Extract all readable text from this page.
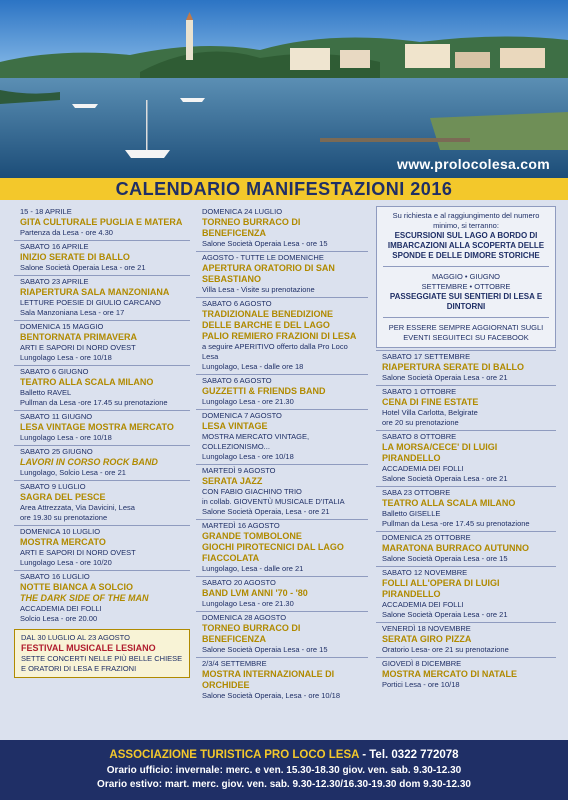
www.prolocolesa.com
CALENDARIO MANIFESTAZIONI 2016
15 - 18 APRILE
GITA CULTURALE PUGLIA E MATERA
Partenza da Lesa - ore 4.30
SABATO 16 APRILE
INIZIO SERATE DI BALLO
Salone Società Operaia Lesa - ore 21
SABATO 23 APRILE
RIAPERTURA SALA MANZONIANA
LETTURE POESIE DI GIULIO CARCANO
Sala Manzoniana Lesa - ore 17
DOMENICA 15 MAGGIO
BENTORNATA PRIMAVERA
ARTI E SAPORI DI NORD OVEST
Lungolago Lesa - ore 10/18
SABATO 6 GIUGNO
TEATRO ALLA SCALA MILANO
Balletto RAVEL
Pullman da Lesa -ore 17.45 su prenotazione
SABATO 11 GIUGNO
LESA VINTAGE MOSTRA MERCATO
Lungolago Lesa - ore 10/18
SABATO 25 GIUGNO
LAVORI IN CORSO ROCK BAND
Lungolago, Solcio Lesa - ore 21
SABATO 9 LUGLIO
SAGRA DEL PESCE
Area Attrezzata, Via Davicini, Lesa
ore 19.30 su prenotazione
DOMENICA 10 LUGLIO
MOSTRA MERCATO
ARTI E SAPORI DI NORD OVEST
Lungolago Lesa - ore 10/20
SABATO 16 LUGLIO
NOTTE BIANCA A SOLCIO
THE DARK SIDE OF THE MAN
ACCADEMIA DEI FOLLI
Solcio Lesa - ore 20.00
DAL 30 LUGLIO AL 23 AGOSTO
FESTIVAL MUSICALE LESIANO
SETTE CONCERTI NELLE PIÙ BELLE CHIESE
E ORATORI DI LESA E FRAZIONI
DOMENICA 24 LUGLIO
TORNEO BURRACO DI BENEFICENZA
Salone Società Operaia Lesa - ore 15
AGOSTO - TUTTE LE DOMENICHE
APERTURA ORATORIO DI SAN SEBASTIANO
Villa Lesa - Visite su prenotazione
SABATO 6 AGOSTO
TRADIZIONALE BENEDIZIONE DELLE BARCHE E DEL LAGO
PALIO REMIERO FRAZIONI DI LESA
a seguire APERITIVO offerto dalla Pro Loco Lesa
Lungolago, Lesa - dalle ore 18
SABATO 6 AGOSTO
GUZZETTI & FRIENDS BAND
Lungolago Lesa - ore 21.30
DOMENICA 7 AGOSTO
LESA VINTAGE
MOSTRA MERCATO VINTAGE, COLLEZIONISMO...
Lungolago Lesa - ore 10/18
MARTEDÌ 9 AGOSTO
SERATA JAZZ
CON FABIO GIACHINO TRIO
in collab. GIOVENTÙ MUSICALE D'ITALIA
Salone Società Operaia, Lesa - ore 21
MARTEDÌ 16 AGOSTO
GRANDE TOMBOLONE
GIOCHI PIROTECNICI DAL LAGO
FIACCOLATA
Lungolago, Lesa - dalle ore 21
SABATO 20 AGOSTO
BAND LVM ANNI '70 - '80
Lungolago Lesa - ore 21.30
DOMENICA 28 AGOSTO
TORNEO BURRACO DI BENEFICENZA
Salone Società Operaia Lesa - ore 15
2/3/4 SETTEMBRE
MOSTRA INTERNAZIONALE DI ORCHIDEE
Salone Società Operaia, Lesa - ore 10/18
Su richiesta e al raggiungimento del numero minimo, si terranno:
ESCURSIONI SUL LAGO A BORDO DI IMBARCAZIONI ALLA SCOPERTA DELLE SPONDE E DELLE DIMORE STORICHE
MAGGIO • GIUGNO
SETTEMBRE • OTTOBRE
PASSEGGIATE SUI SENTIERI DI LESA E DINTORNI
PER ESSERE SEMPRE AGGIORNATI SUGLI EVENTI SEGUITECI SU FACEBOOK
SABATO 17 SETTEMBRE
RIAPERTURA SERATE DI BALLO
Salone Società Operaia Lesa - ore 21
SABATO 1 OTTOBRE
CENA DI FINE ESTATE
Hotel Villa Carlotta, Belgirate
ore 20 su prenotazione
SABATO 8 OTTOBRE
LA MORSA/CECE' DI LUIGI PIRANDELLO
ACCADEMIA DEI FOLLI
Salone Società Operaia Lesa - ore 21
SABA 23 OTTOBRE
TEATRO ALLA SCALA MILANO
Balletto GISELLE
Pullman da Lesa -ore 17.45 su prenotazione
DOMENICA 25 OTTOBRE
MARATONA BURRACO AUTUNNO
Salone Società Operaia Lesa - ore 15
SABATO 12 NOVEMBRE
FOLLI ALL'OPERA DI LUIGI PIRANDELLO
ACCADEMIA DEI FOLLI
Salone Società Operaia Lesa - ore 21
VENERDÌ 18 NOVEMBRE
SERATA GIRO PIZZA
Oratorio Lesa- ore 21 su prenotazione
GIOVEDÌ 8 DICEMBRE
MOSTRA MERCATO DI NATALE
Portici Lesa - ore 10/18
ASSOCIAZIONE TURISTICA PRO LOCO LESA - Tel. 0322 772078
Orario ufficio: invernale: merc. e ven. 15.30-18.30 giov. ven. sab. 9.30-12.30
Orario estivo: mart. merc. giov. ven. sab. 9.30-12.30/16.30-19.30 dom 9.30-12.30
